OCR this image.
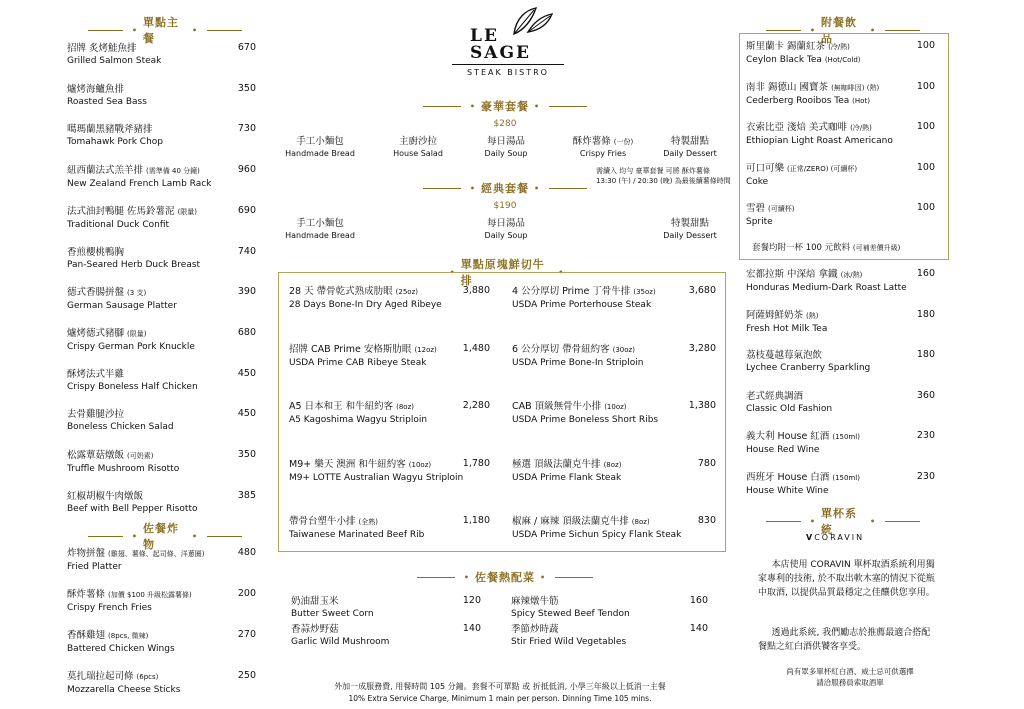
•
單點主餐
•
招牌 炙烤鮭魚排
Grilled Salmon Steak
670
爐烤海鱸魚排
Roasted Sea Bass
350
噶瑪蘭黑豬戰斧豬排
Tomahawk Pork Chop
730
紐西蘭法式羔羊排 (需準備 40 分鐘)
New Zealand French Lamb Rack
960
法式油封鴨腿 佐馬鈴薯泥 (限量)
Traditional Duck Confit
690
香煎櫻桃鴨胸
Pan-Seared Herb Duck Breast
740
德式香腸拼盤 (3 支)
German Sausage Platter
390
爐烤德式豬腳 (限量)
Crispy German Pork Knuckle
680
酥烤法式半雞
Crispy Boneless Half Chicken
450
去骨雞腿沙拉
Boneless Chicken Salad
450
松露蕈菇燉飯 (可奶素)
Truffle Mushroom Risotto
350
紅椒胡椒牛肉燉飯
Beef with Bell Pepper Risotto
385
•
佐餐炸物
•
炸物拼盤 (雞翅、薯條、起司條、洋蔥圈)
Fried Platter
480
酥炸薯條 (加價 $100 升級松露薯條)
Crispy French Fries
200
香酥雞翅 (8pcs, 微辣)
Battered Chicken Wings
270
莫扎瑞拉起司條 (6pcs)
Mozzarella Cheese Sticks
250
LE
SAGE
STEAK BISTRO
• 豪華套餐 •
$280
手工小麵包
Handmade Bread
主廚沙拉
House Salad
每日湯品
Daily Soup
酥炸薯條 (一份)
Crispy Fries
特製甜點
Daily Dessert
需續入 均勻 豪華套餐 可將 酥炸薯條
13:30 (午) / 20:30 (晚) 為最後續薯條時間
• 經典套餐 •
$190
手工小麵包
Handmade Bread
每日湯品
Daily Soup
特製甜點
Daily Dessert
•
單點原塊鮮切牛排
•
28 天 帶骨乾式熟成肋眼 (25oz)
28 Days Bone-In Dry Aged Ribeye
3,880
招牌 CAB Prime 安格斯肋眼 (12oz)
USDA Prime CAB Ribeye Steak
1,480
A5 日本和王 和牛紐約客 (8oz)
A5 Kagoshima Wagyu Striploin
2,280
M9+ 樂天 澳洲 和牛紐約客 (10oz)
M9+ LOTTE Australian Wagyu Striploin
1,780
帶骨台塑牛小排 (全熟)
Taiwanese Marinated Beef Rib
1,180
4 公分厚切 Prime 丁骨牛排 (35oz)
USDA Prime Porterhouse Steak
3,680
6 公分厚切 帶骨紐約客 (30oz)
USDA Prime Bone-In Striploin
3,280
CAB 頂級無骨牛小排 (10oz)
USDA Prime Boneless Short Ribs
1,380
極選 頂級法蘭克牛排 (8oz)
USDA Prime Flank Steak
780
椒麻 / 麻辣 頂級法蘭克牛排 (8oz)
USDA Prime Sichun Spicy Flank Steak
830
• 佐餐熱配菜 •
奶油甜玉米
Butter Sweet Corn
120
香蒜炒野菇
Garlic Wild Mushroom
140
麻辣燉牛筋
Spicy Stewed Beef Tendon
160
季節炒時蔬
Stir Fried Wild Vegetables
140
外加一成服務費, 用餐時間 105 分鐘。套餐不可單點 或 折抵低消, 小學三年級以上低消一主餐
10% Extra Service Charge, Minimum 1 main per person. Dinning Time 105 mins.
•
附餐飲品
•
斯里蘭卡 錫蘭紅茶 (冷/熱)
Ceylon Black Tea (Hot/Cold)
100
南非 錫德山 國寶茶 (無咖啡因) (熱)
Cederberg Rooibos Tea (Hot)
100
衣索比亞 淺焙 美式咖啡 (冷/熱)
Ethiopian Light Roast Americano
100
可口可樂 (正常/ZERO) (可續杯)
Coke
100
雪碧 (可續杯)
Sprite
100
套餐均附一杯 100 元飲料 (可補差價升級)
宏都拉斯 中深焙 拿鐵 (冰/熱)
Honduras Medium-Dark Roast Latte
160
阿薩姆鮮奶茶 (熱)
Fresh Hot Milk Tea
180
荔枝蔓越莓氣泡飲
Lychee Cranberry Sparkling
180
老式經典調酒
Classic Old Fashion
360
義大利 House 紅酒 (150ml)
House Red Wine
230
西班牙 House 白酒 (150ml)
House White Wine
230
•
單杯系統
•
VCORAVIN
本店使用 CORAVIN 單杯取酒系統利用獨家專利的技術, 於不取出軟木塞的情況下從瓶中取酒, 以提供品質最穩定之佳釀供您享用。
透過此系統, 我們勵志於推薦最適合搭配餐點之紅白酒供饕客享受。
尚有眾多單杯紅白酒、威士忌可供選擇
請洽服務員索取酒單
